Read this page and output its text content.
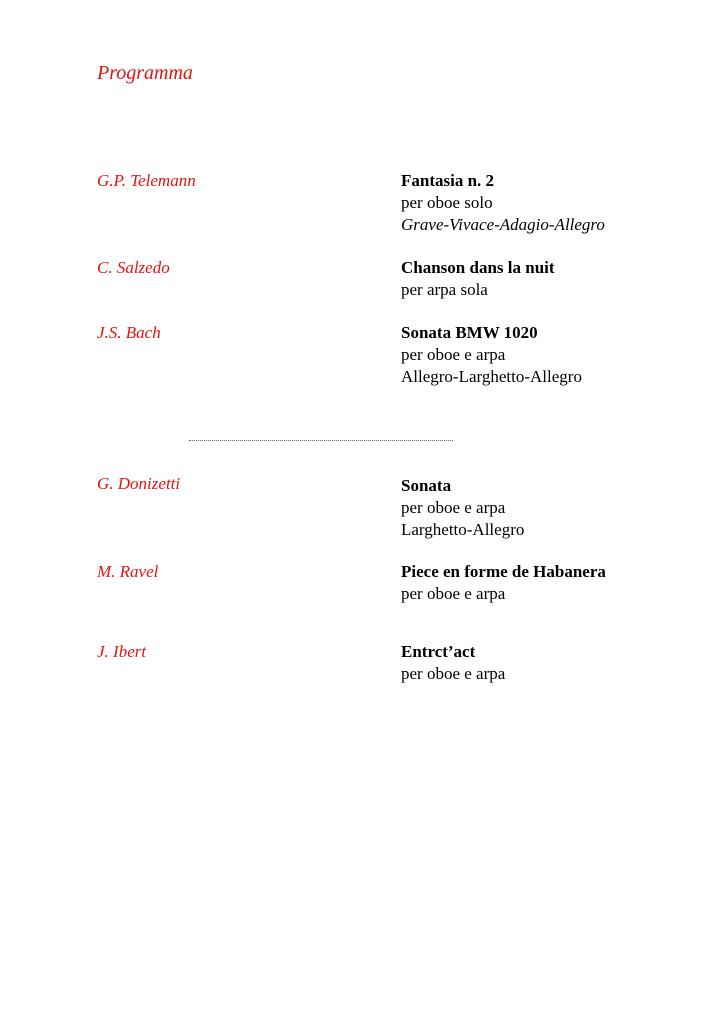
Programma
G.P. Telemann	Fantasia n. 2
per oboe solo
Grave-Vivace-Adagio-Allegro
C. Salzedo	Chanson dans la nuit
per arpa sola
J.S. Bach	Sonata BMW 1020
per oboe e arpa
Allegro-Larghetto-Allegro
G. Donizetti	Sonata
per oboe e arpa
Larghetto-Allegro
M. Ravel	Piece en forme de Habanera
per oboe e arpa
J. Ibert	Entrct’act
per oboe e arpa
